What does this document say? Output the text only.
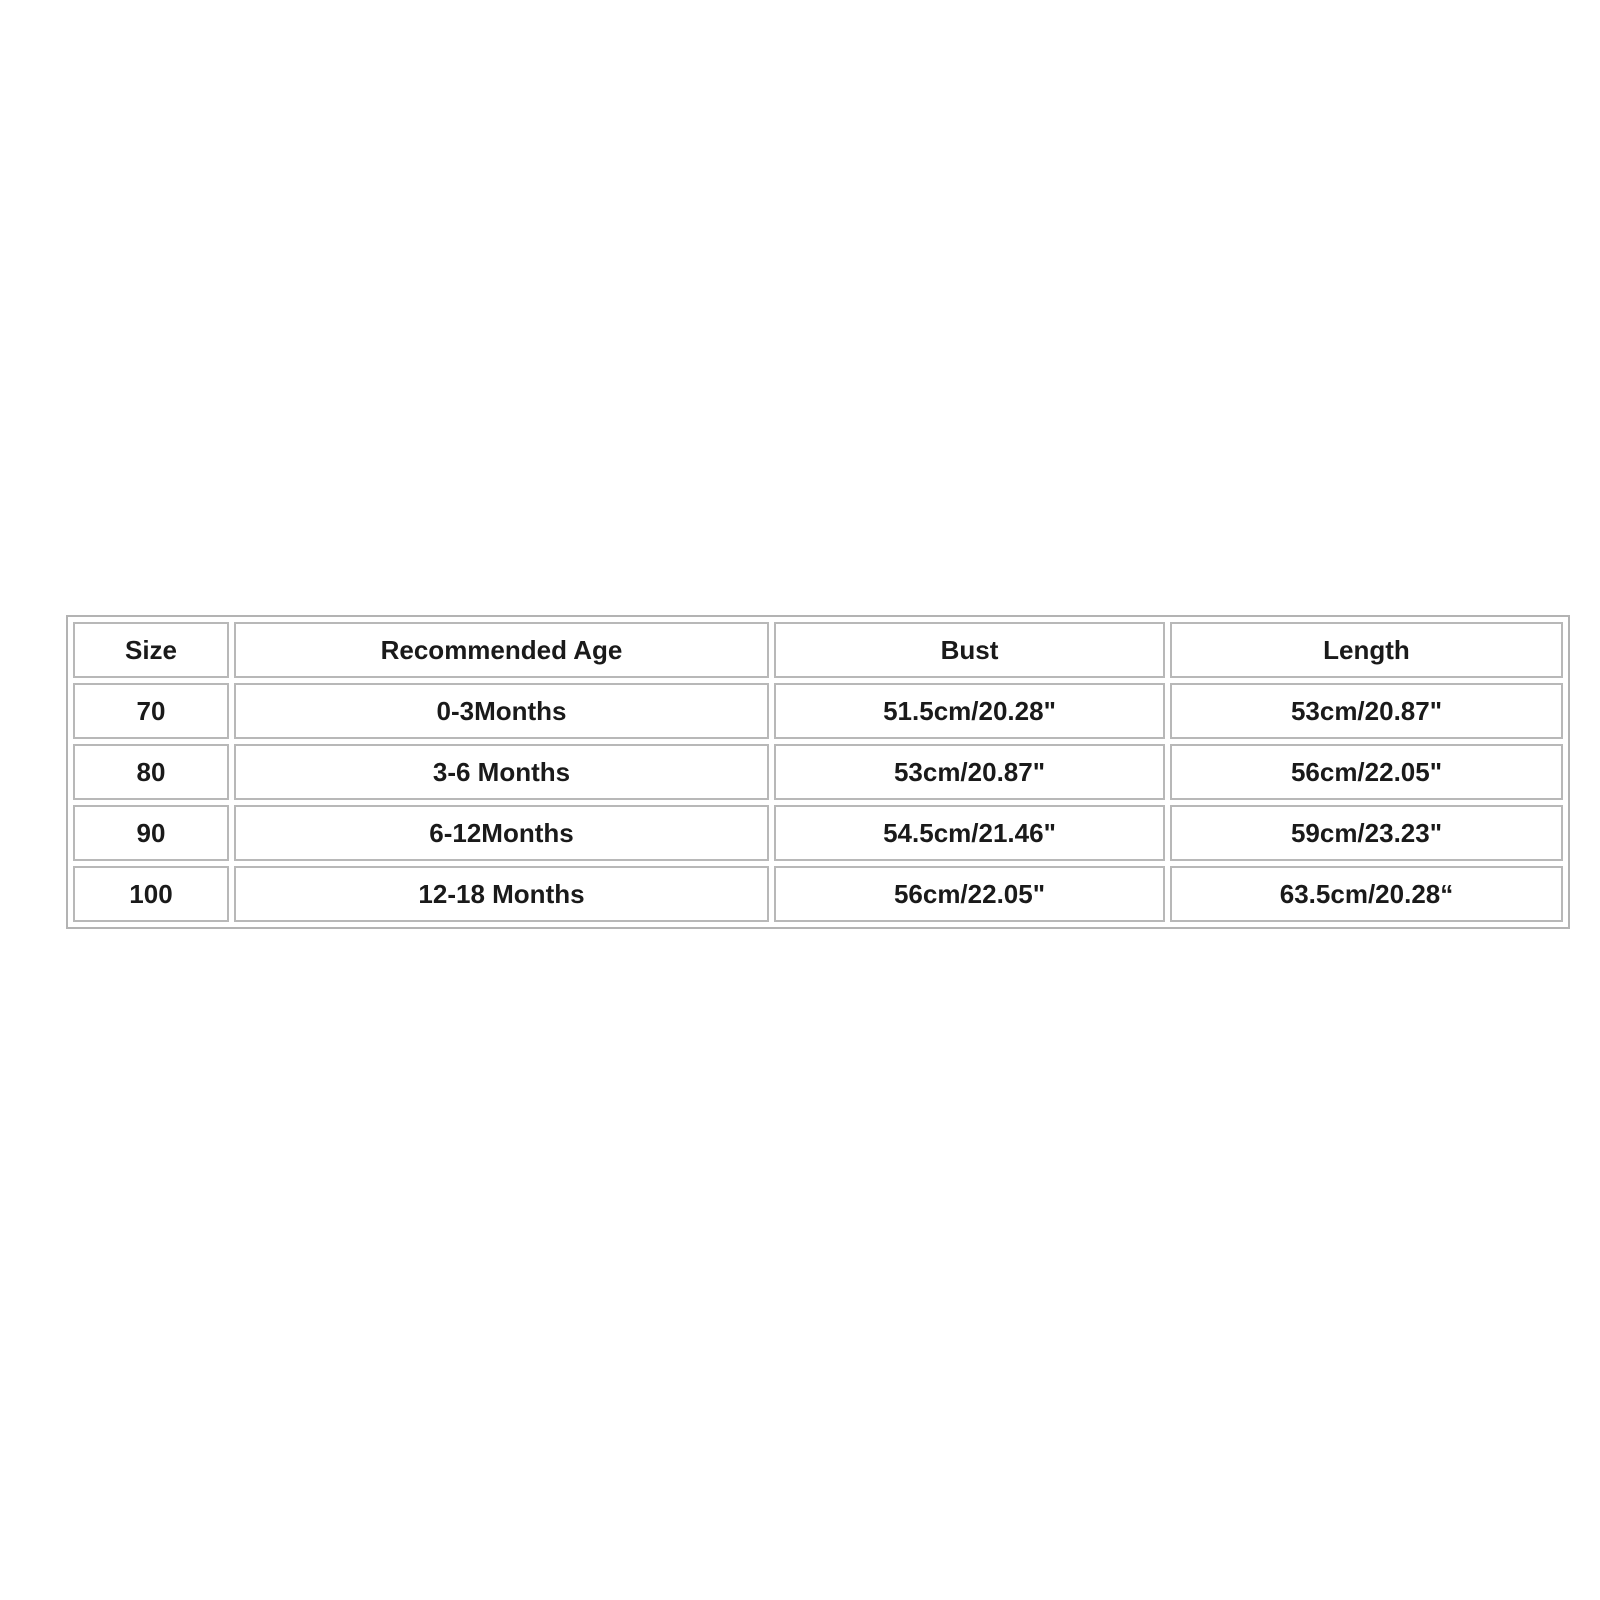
Size	Recommended Age	Bust	Length
70	0-3Months	51.5cm/20.28"	53cm/20.87"
80	3-6 Months	53cm/20.87"	56cm/22.05"
90	6-12Months	54.5cm/21.46"	59cm/23.23"
100	12-18 Months	56cm/22.05"	63.5cm/20.28“
